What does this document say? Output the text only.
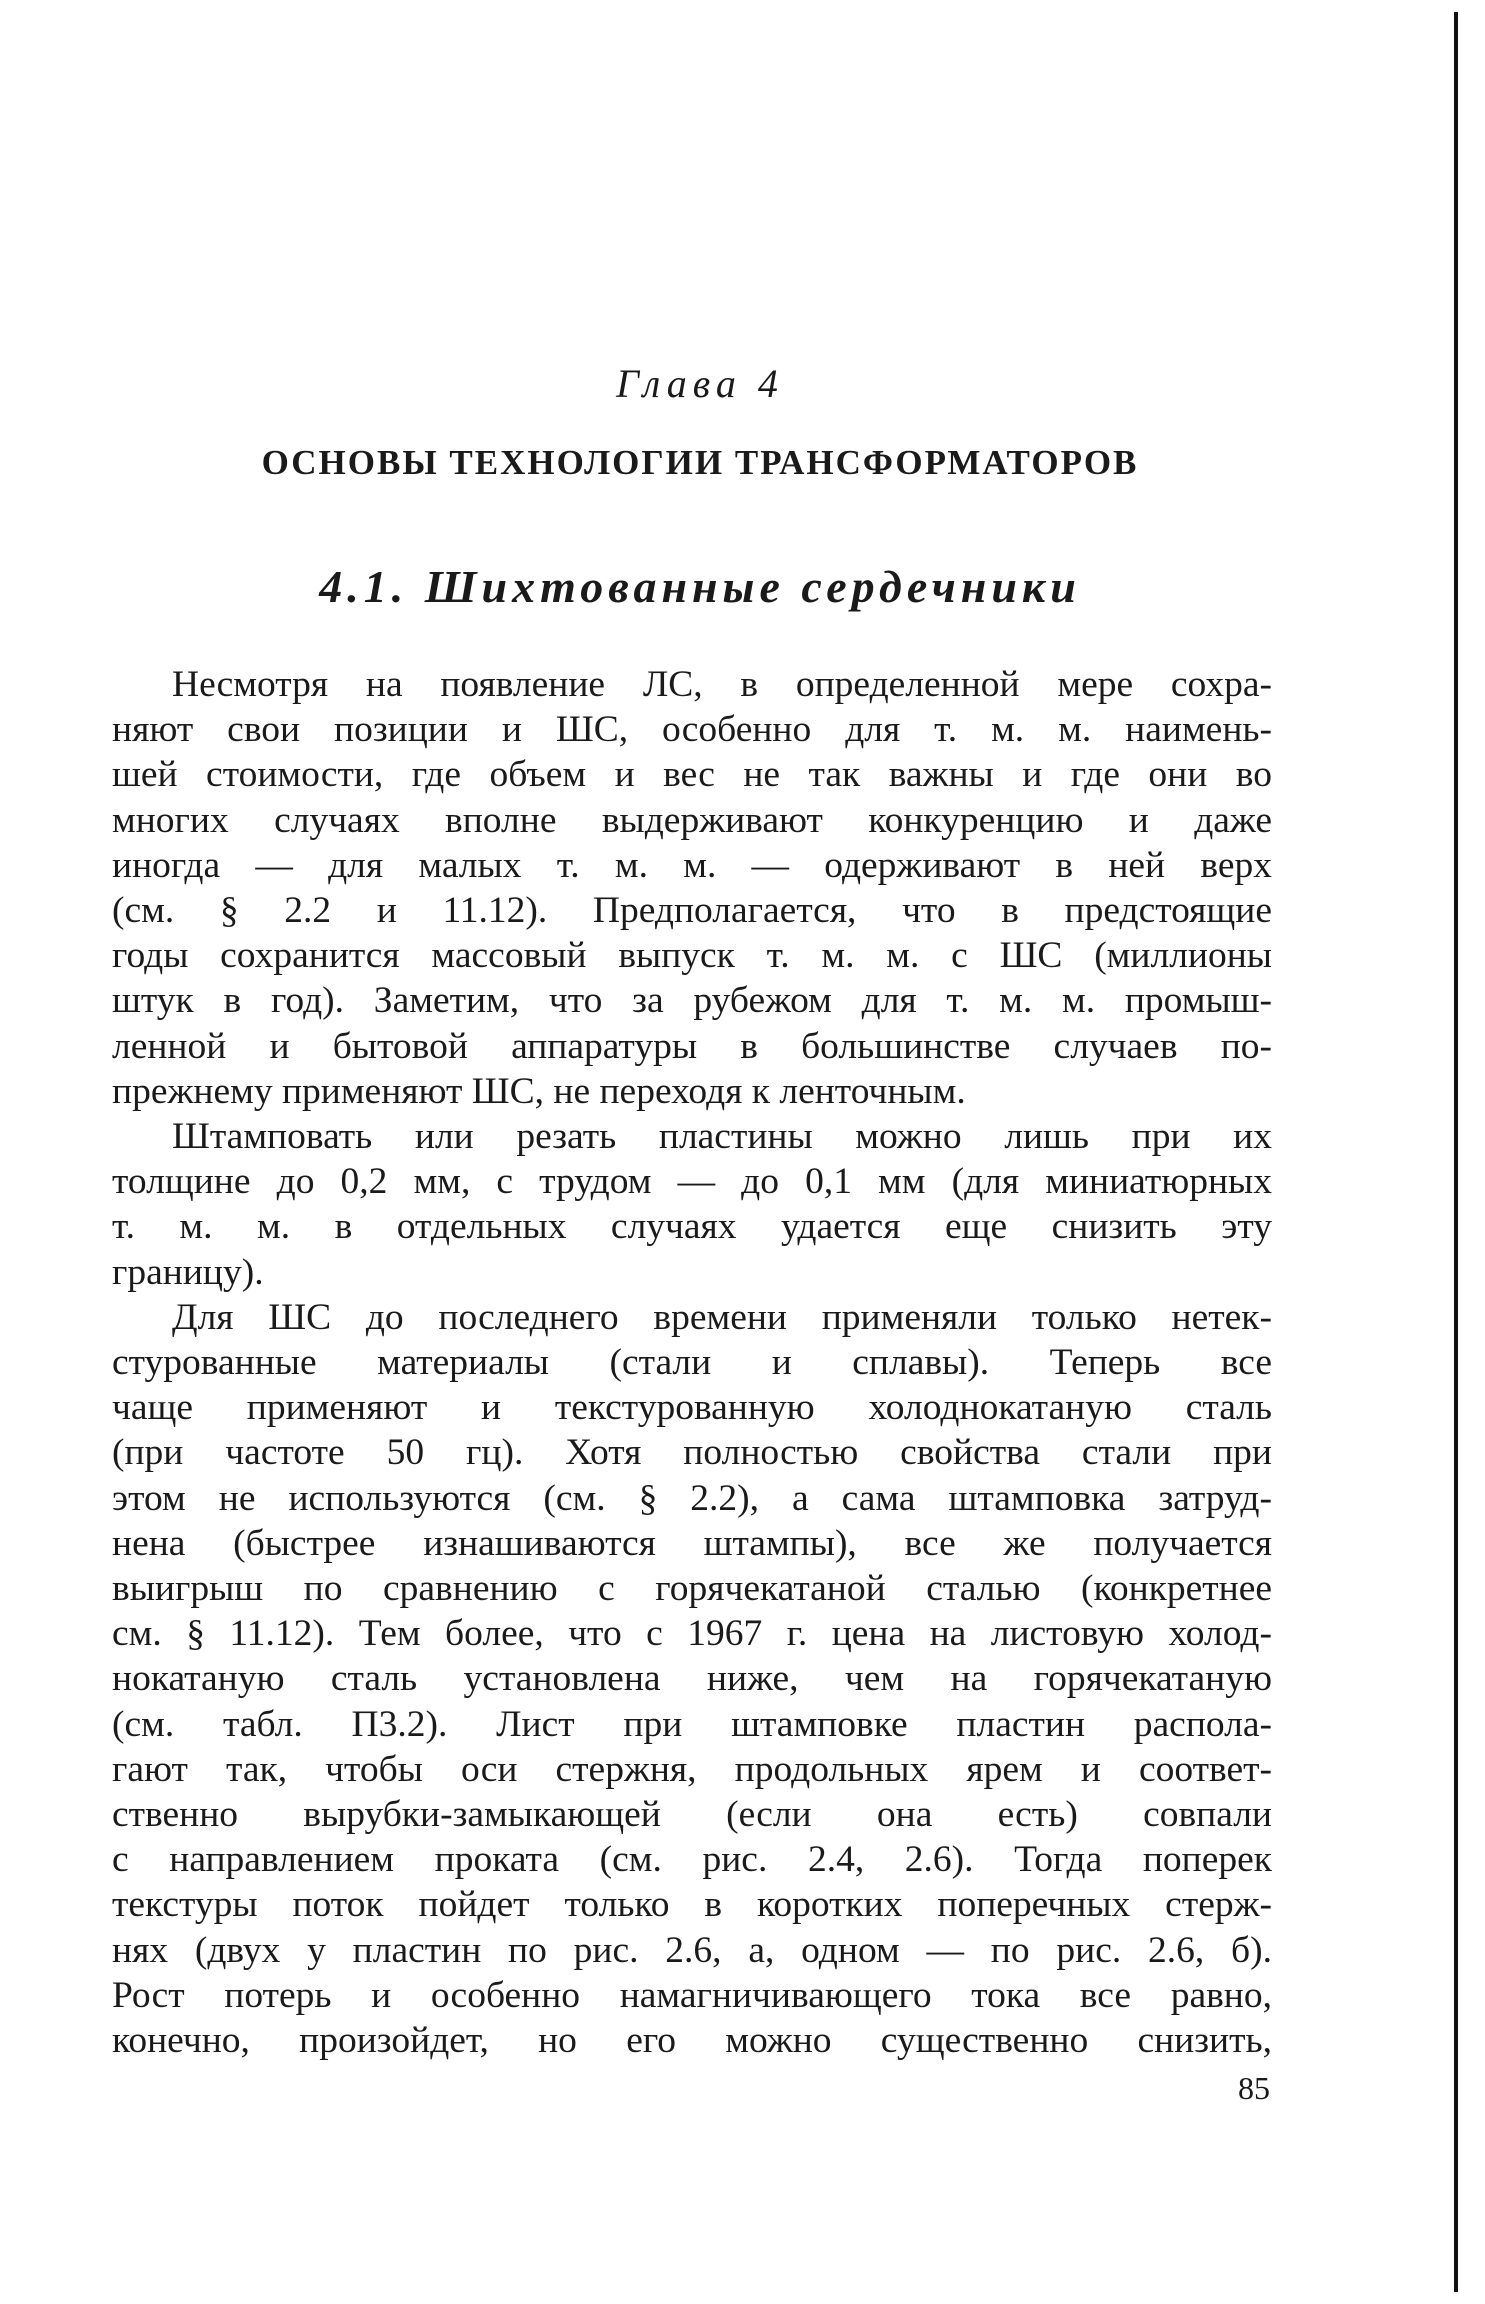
Глава 4
ОСНОВЫ ТЕХНОЛОГИИ ТРАНСФОРМАТОРОВ
4.1. Шихтованные сердечники

Несмотря на появление ЛС, в определенной мере сохра-
няют свои позиции и ШС, особенно для т. м. м. наимень-
шей стоимости, где объем и вес не так важны и где они во
многих случаях вполне выдерживают конкуренцию и даже
иногда — для малых т. м. м. — одерживают в ней верх
(см. § 2.2 и 11.12). Предполагается, что в предстоящие
годы сохранится массовый выпуск т. м. м. с ШС (миллионы
штук в год). Заметим, что за рубежом для т. м. м. промыш-
ленной и бытовой аппаратуры в большинстве случаев по-
прежнему применяют ШС, не переходя к ленточным.

Штамповать или резать пластины можно лишь при их
толщине до 0,2 мм, с трудом — до 0,1 мм (для миниатюрных
т. м. м. в отдельных случаях удается еще снизить эту
границу).

Для ШС до последнего времени применяли только нетек-
стурованные материалы (стали и сплавы). Теперь все
чаще применяют и текстурованную холоднокатаную сталь
(при частоте 50 гц). Хотя полностью свойства стали при
этом не используются (см. § 2.2), а сама штамповка затруд-
нена (быстрее изнашиваются штампы), все же получается
выигрыш по сравнению с горячекатаной сталью (конкретнее
см. § 11.12). Тем более, что с 1967 г. цена на листовую холод-
нокатаную сталь установлена ниже, чем на горячекатаную
(см. табл. П3.2). Лист при штамповке пластин распола-
гают так, чтобы оси стержня, продольных ярем и соответ-
ственно вырубки-замыкающей (если она есть) совпали
с направлением проката (см. рис. 2.4, 2.6). Тогда поперек
текстуры поток пойдет только в коротких поперечных стерж-
нях (двух у пластин по рис. 2.6, а, одном — по рис. 2.6, б).
Рост потерь и особенно намагничивающего тока все равно,
конечно, произойдет, но его можно существенно снизить,

85
